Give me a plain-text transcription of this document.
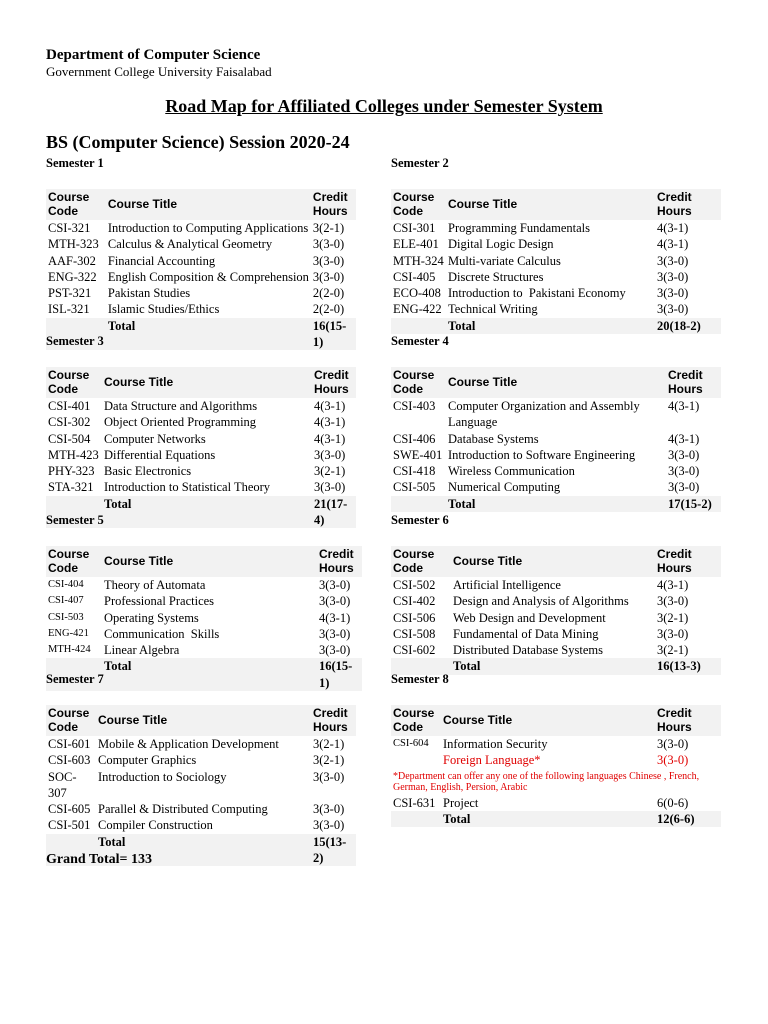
Department of Computer Science
Government College University Faisalabad
Road Map for Affiliated Colleges under Semester System
BS (Computer Science) Session 2020-24
Semester 1
Course Code	Course Title	Credit Hours
CSI-321	Introduction to Computing Applications	3(2-1)
MTH-323	Calculus & Analytical Geometry	3(3-0)
AAF-302	Financial Accounting	3(3-0)
ENG-322	English Composition & Comprehension	3(3-0)
PST-321	Pakistan Studies	2(2-0)
ISL-321	Islamic Studies/Ethics	2(2-0)
	Total	16(15-1)
Semester 2
Course Code	Course Title	Credit Hours
CSI-301	Programming Fundamentals	4(3-1)
ELE-401	Digital Logic Design	4(3-1)
MTH-324	Multi-variate Calculus	3(3-0)
CSI-405	Discrete Structures	3(3-0)
ECO-408	Introduction to  Pakistani Economy	3(3-0)
ENG-422	Technical Writing	3(3-0)
	Total	20(18-2)
Semester 3
Course Code	Course Title	Credit Hours
CSI-401	Data Structure and Algorithms	4(3-1)
CSI-302	Object Oriented Programming	4(3-1)
CSI-504	Computer Networks	4(3-1)
MTH-423	Differential Equations	3(3-0)
PHY-323	Basic Electronics	3(2-1)
STA-321	Introduction to Statistical Theory	3(3-0)
	Total	21(17-4)
Semester 4
Course Code	Course Title	Credit Hours
CSI-403	Computer Organization and Assembly Language	4(3-1)
CSI-406	Database Systems	4(3-1)
SWE-401	Introduction to Software Engineering	3(3-0)
CSI-418	Wireless Communication	3(3-0)
CSI-505	Numerical Computing	3(3-0)
	Total	17(15-2)
Semester 5
Course Code	Course Title	Credit Hours
CSI-404	Theory of Automata	3(3-0)
CSI-407	Professional Practices	3(3-0)
CSI-503	Operating Systems	4(3-1)
ENG-421	Communication  Skills	3(3-0)
MTH-424	Linear Algebra	3(3-0)
	Total	16(15-1)
Semester 6
Course Code	Course Title	Credit Hours
CSI-502	Artificial Intelligence	4(3-1)
CSI-402	Design and Analysis of Algorithms	3(3-0)
CSI-506	Web Design and Development	3(2-1)
CSI-508	Fundamental of Data Mining	3(3-0)
CSI-602	Distributed Database Systems	3(2-1)
	Total	16(13-3)
Semester 7
Course Code	Course Title	Credit Hours
CSI-601	Mobile & Application Development	3(2-1)
CSI-603	Computer Graphics	3(2-1)
SOC-307	Introduction to Sociology	3(3-0)
CSI-605	Parallel & Distributed Computing	3(3-0)
CSI-501	Compiler Construction	3(3-0)
	Total	15(13-2)
Semester 8
Course Code	Course Title	Credit Hours
CSI-604	Information Security	3(3-0)
	Foreign Language*	3(3-0)
*Department can offer any one of the following languages Chinese , French, German, English, Persion, Arabic		
CSI-631	Project	6(0-6)
	Total	12(6-6)
Grand Total= 133
